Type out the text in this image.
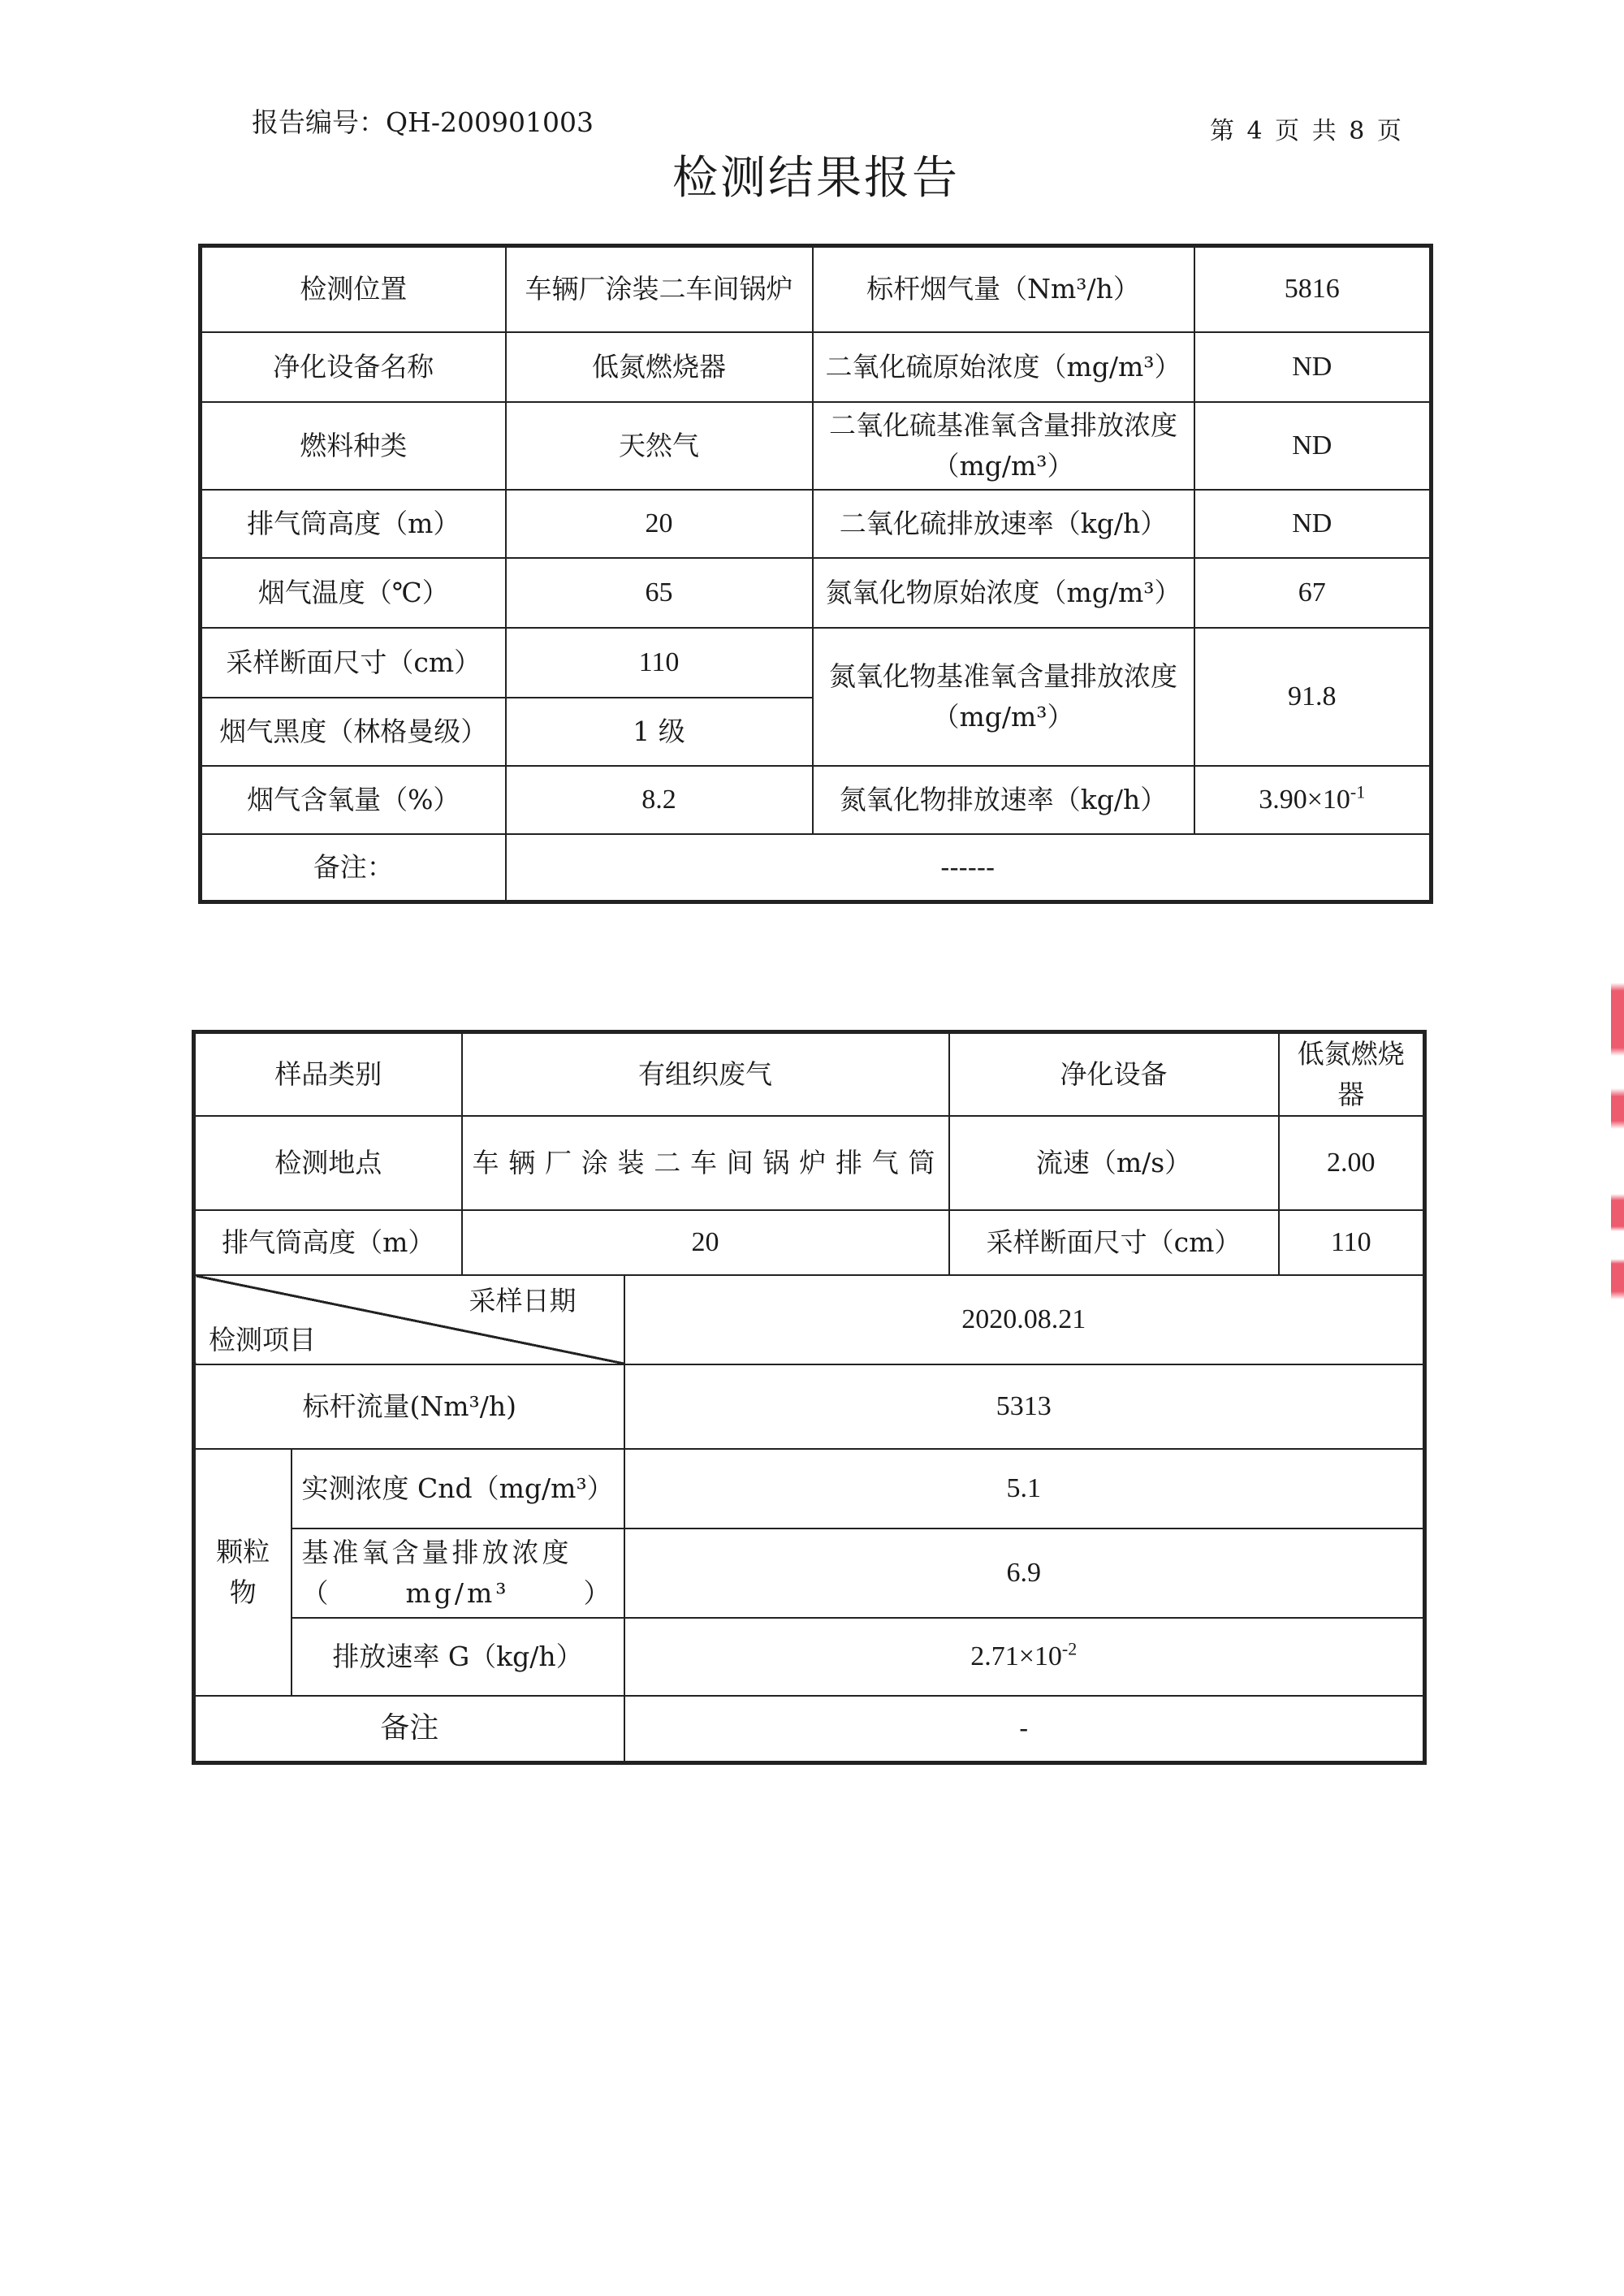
报告编号：QH-200901003	第 4 页 共 8 页
检测结果报告
检测位置	车辆厂涂装二车间锅炉	标杆烟气量（Nm³/h）	5816
净化设备名称	低氮燃烧器	二氧化硫原始浓度（mg/m³）	ND
燃料种类	天然气	二氧化硫基准氧含量排放浓度（mg/m³）	ND
排气筒高度（m）	20	二氧化硫排放速率（kg/h）	ND
烟气温度（℃）	65	氮氧化物原始浓度（mg/m³）	67
采样断面尺寸（cm）	110	氮氧化物基准氧含量排放浓度（mg/m³）	91.8
烟气黑度（林格曼级）	1 级		
烟气含氧量（%）	8.2	氮氧化物排放速率（kg/h）	$3.90\times 10^{-1}$
备注：	------		
样品类别		有组织废气		净化设备	低氮燃烧器
检测地点		车辆厂涂装二车间锅炉排气筒		流速（m/s）	2.00
排气筒高度（m）		20		采样断面尺寸（cm）	110

采样日期
检测项目			2020.08.21		
标杆流量(Nm³/h)			5313		
颗粒物	实测浓度 Cnd（mg/m³）		5.1		
	基准氧含量排放浓度（mg/m³）		6.9		
	排放速率 G（kg/h）		$2.71\times 10^{-2}$
备注			-		
